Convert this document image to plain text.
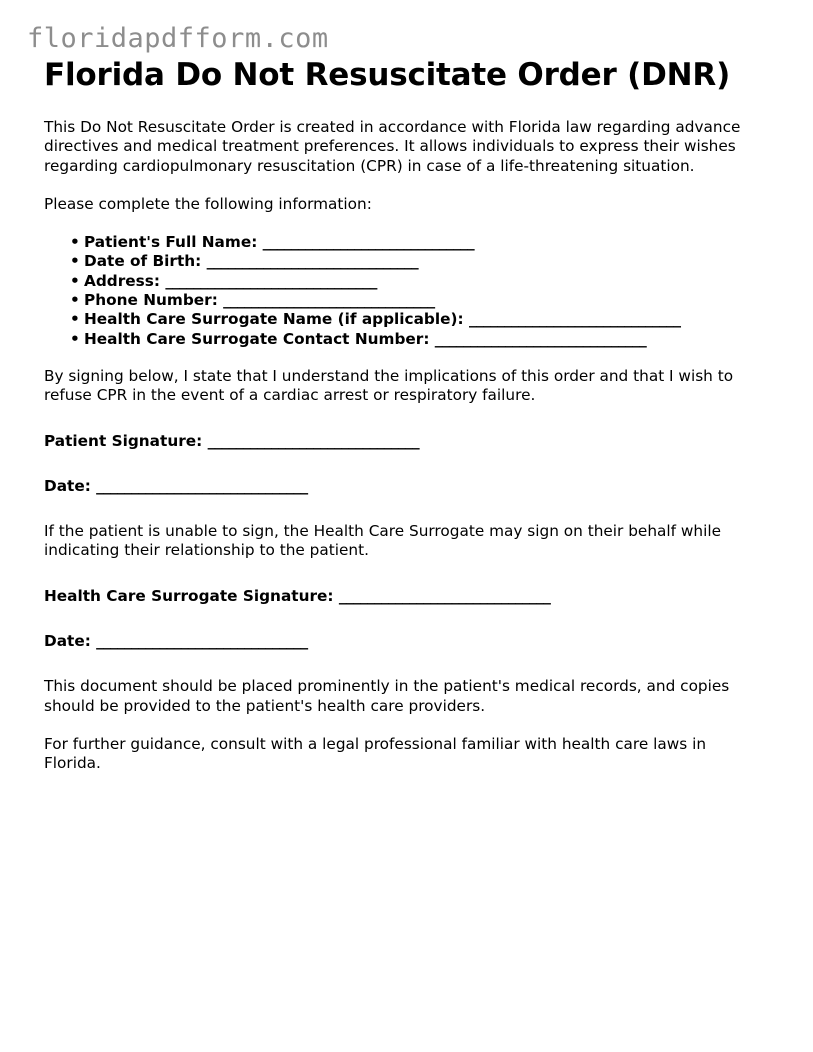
floridapdfform.com
Florida Do Not Resuscitate Order (DNR)

This Do Not Resuscitate Order is created in accordance with Florida law regarding advance directives and medical treatment preferences. It allows individuals to express their wishes regarding cardiopulmonary resuscitation (CPR) in case of a life-threatening situation.

Please complete the following information:

• Patient's Full Name: ______________________________
• Date of Birth: ______________________________
• Address: ______________________________
• Phone Number: ______________________________
• Health Care Surrogate Name (if applicable): ______________________________
• Health Care Surrogate Contact Number: ______________________________

By signing below, I state that I understand the implications of this order and that I wish to refuse CPR in the event of a cardiac arrest or respiratory failure.

Patient Signature: ______________________________
Date: ______________________________

If the patient is unable to sign, the Health Care Surrogate may sign on their behalf while indicating their relationship to the patient.

Health Care Surrogate Signature: ______________________________
Date: ______________________________

This document should be placed prominently in the patient's medical records, and copies should be provided to the patient's health care providers.

For further guidance, consult with a legal professional familiar with health care laws in Florida.
